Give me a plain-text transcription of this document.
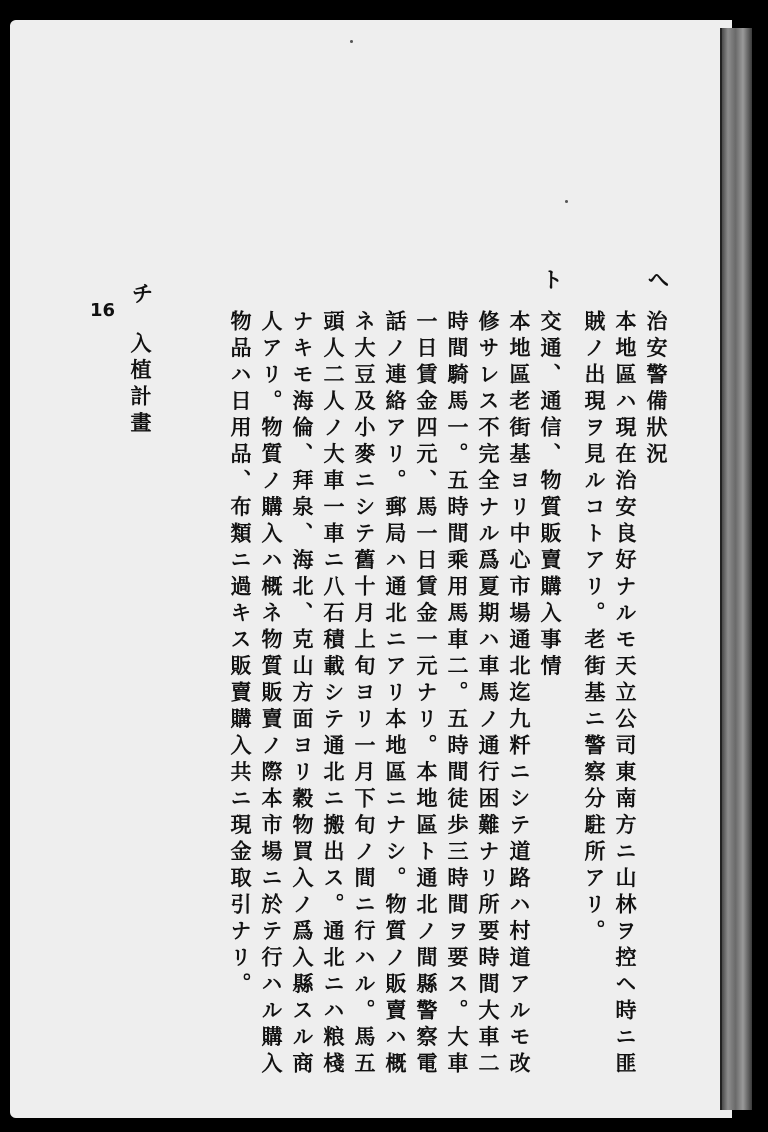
へ
治安警備狀況
本地區ハ現在治安良好ナルモ天立公司東南方ニ山林ヲ控ヘ時ニ匪
賊ノ出現ヲ見ルコトアリ。老街基ニ警察分駐所アリ。
ト
交通、通信、物質販賣購入事情
本地區老街基ヨリ中心市場通北迄九粁ニシテ道路ハ村道アルモ改
修サレス不完全ナル爲夏期ハ車馬ノ通行困難ナリ所要時間大車二
時間騎馬一。五時間乘用馬車二。五時間徒歩三時間ヲ要ス。大車
一日賃金四元、馬一日賃金一元ナリ。本地區ト通北ノ間縣警察電
話ノ連絡アリ。郵局ハ通北ニアリ本地區ニナシ。物質ノ販賣ハ概
ネ大豆及小麥ニシテ舊十月上旬ヨリ一月下旬ノ間ニ行ハル。馬五
頭人二人ノ大車一車ニ八石積載シテ通北ニ搬出ス。通北ニハ粮棧
ナキモ海倫、拜泉、海北、克山方面ヨリ穀物買入ノ爲入縣スル商
人アリ。物質ノ購入ハ概ネ物質販賣ノ際本市場ニ於テ行ハル購入
物品ハ日用品、布類ニ過キス販賣購入共ニ現金取引ナリ。
チ
入植計畫
16
